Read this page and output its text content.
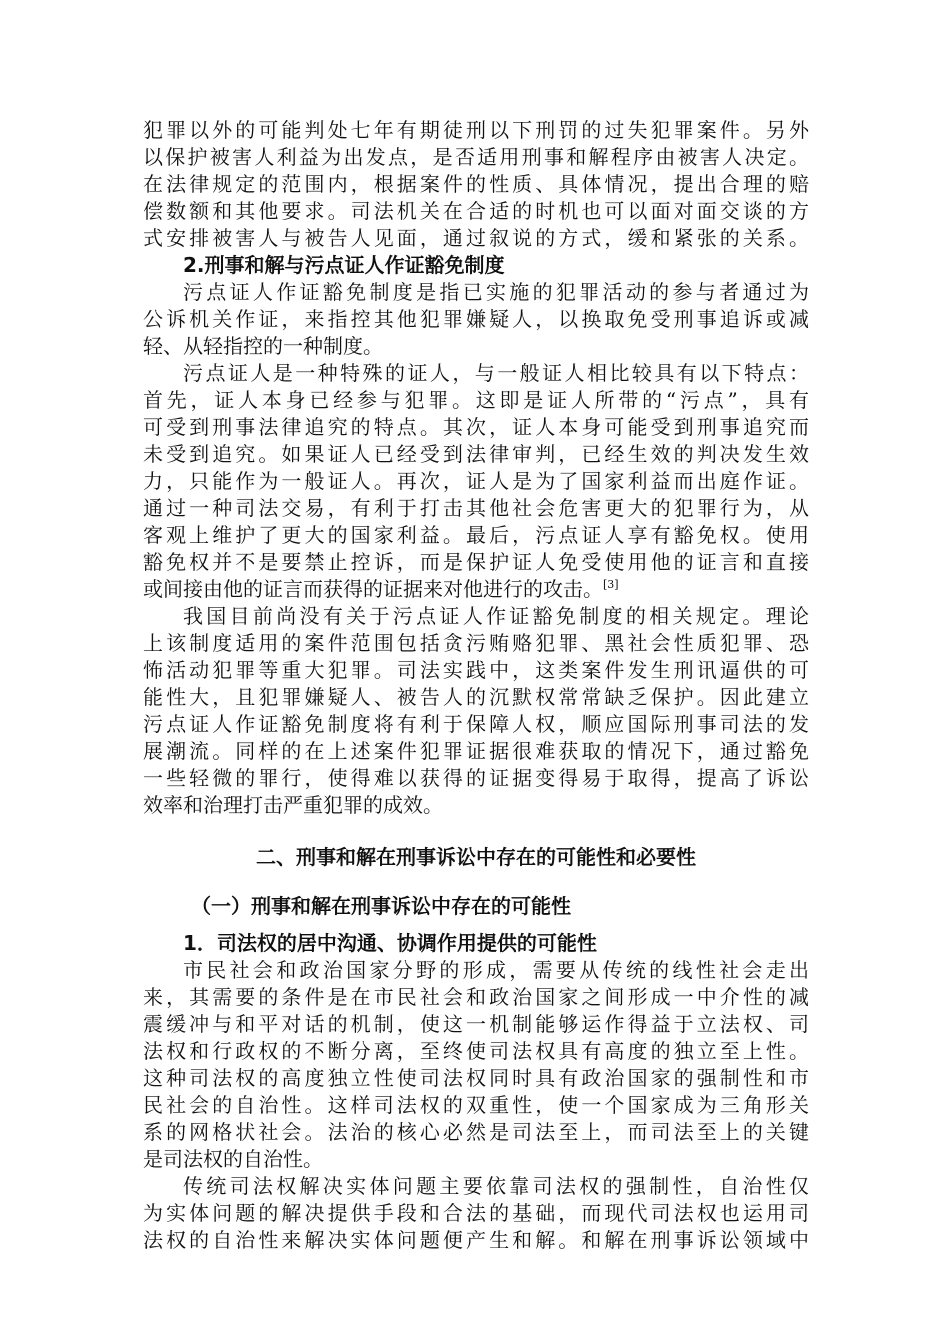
犯罪以外的可能判处七年有期徒刑以下刑罚的过失犯罪案件。另外
以保护被害人利益为出发点，是否适用刑事和解程序由被害人决定。
在法律规定的范围内，根据案件的性质、具体情况，提出合理的赔
偿数额和其他要求。司法机关在合适的时机也可以面对面交谈的方
式安排被害人与被告人见面，通过叙说的方式，缓和紧张的关系。
2.刑事和解与污点证人作证豁免制度
污点证人作证豁免制度是指已实施的犯罪活动的参与者通过为
公诉机关作证，来指控其他犯罪嫌疑人，以换取免受刑事追诉或减
轻、从轻指控的一种制度。
污点证人是一种特殊的证人，与一般证人相比较具有以下特点：
首先，证人本身已经参与犯罪。这即是证人所带的“污点”，具有
可受到刑事法律追究的特点。其次，证人本身可能受到刑事追究而
未受到追究。如果证人已经受到法律审判，已经生效的判决发生效
力，只能作为一般证人。再次，证人是为了国家利益而出庭作证。
通过一种司法交易，有利于打击其他社会危害更大的犯罪行为，从
客观上维护了更大的国家利益。最后，污点证人享有豁免权。使用
豁免权并不是要禁止控诉，而是保护证人免受使用他的证言和直接
或间接由他的证言而获得的证据来对他进行的攻击。[3]
我国目前尚没有关于污点证人作证豁免制度的相关规定。理论
上该制度适用的案件范围包括贪污贿赂犯罪、黑社会性质犯罪、恐
怖活动犯罪等重大犯罪。司法实践中，这类案件发生刑讯逼供的可
能性大，且犯罪嫌疑人、被告人的沉默权常常缺乏保护。因此建立
污点证人作证豁免制度将有利于保障人权，顺应国际刑事司法的发
展潮流。同样的在上述案件犯罪证据很难获取的情况下，通过豁免
一些轻微的罪行，使得难以获得的证据变得易于取得，提高了诉讼
效率和治理打击严重犯罪的成效。
二、刑事和解在刑事诉讼中存在的可能性和必要性
（一）刑事和解在刑事诉讼中存在的可能性
1．司法权的居中沟通、协调作用提供的可能性
市民社会和政治国家分野的形成，需要从传统的线性社会走出
来，其需要的条件是在市民社会和政治国家之间形成一中介性的减
震缓冲与和平对话的机制，使这一机制能够运作得益于立法权、司
法权和行政权的不断分离，至终使司法权具有高度的独立至上性。
这种司法权的高度独立性使司法权同时具有政治国家的强制性和市
民社会的自治性。这样司法权的双重性，使一个国家成为三角形关
系的网格状社会。法治的核心必然是司法至上，而司法至上的关键
是司法权的自治性。
传统司法权解决实体问题主要依靠司法权的强制性，自治性仅
为实体问题的解决提供手段和合法的基础，而现代司法权也运用司
法权的自治性来解决实体问题便产生和解。和解在刑事诉讼领域中
